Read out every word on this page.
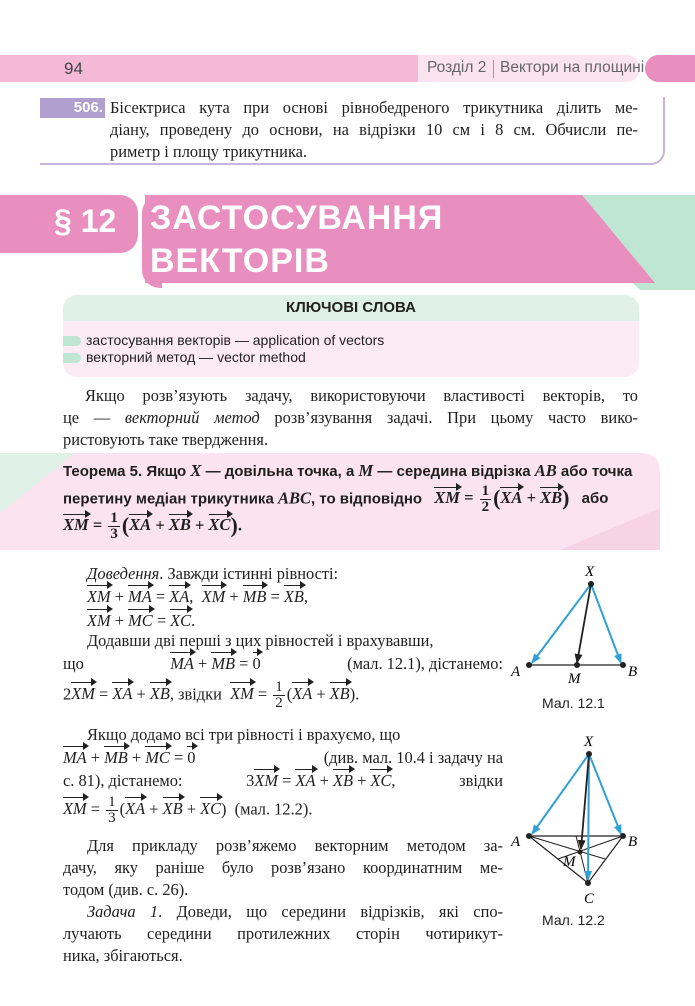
94	Розділ 2 Вектори на площині
506. Бісектриса кута при основі рівнобедреного трикутника ділить ме-
діану, проведену до основи, на відрізки 10 см і 8 см. Обчисли пе-
риметр і площу трикутника.
§ 12 ЗАСТОСУВАННЯ
ВЕКТОРІВ
КЛЮЧОВІ СЛОВА
застосування векторів — application of vectors
векторний метод — vector method
Якщо розв’язують задачу, використовуючи властивості векторів, то
це — векторний метод розв’язування задачі. При цьому часто вико-
ристовують таке твердження.
Теорема 5. Якщо X — довільна точка, а M — середина відрізка AB або точка
перетину медіан трикутника ABC, то відповідно XM = $\frac{1}{2} (XA + XB)$ або
XM = $\frac{1}{3} (XA$ + XB + XC).
Доведення. Завжди істинні рівності:
XM + MA = XA,  XM + MB = XB,
XM + MC = XC.
Додавши дві перші з цих рівностей і врахувавши,
що	MA + MB = 0	(мал. 12.1), дістанемо:
2XM = XA + XB, звідки XM = $\frac{1}{2} (XA + XB)$.
Якщо додамо всі три рівності і врахуємо, що
MA + MB + MC = 0	(див. мал. 10.4 і задачу на
с. 81), дістанемо:	3XM = XA + XB + XC,	звідки
XM = $\frac{1}{3} (XA$ + XB + XC)  (мал. 12.2).
Для прикладу розв’яжемо векторним методом за-
дачу, яку раніше було розв’язано координатним ме-
тодом (див. с. 26).
Задача 1. Доведи, що середини відрізків, які спо-
лучають середини протилежних сторін чотирикут-
ника, збігаються.
X
A	M	B
Мал. 12.1
X
A
M
B
C
Мал. 12.2
